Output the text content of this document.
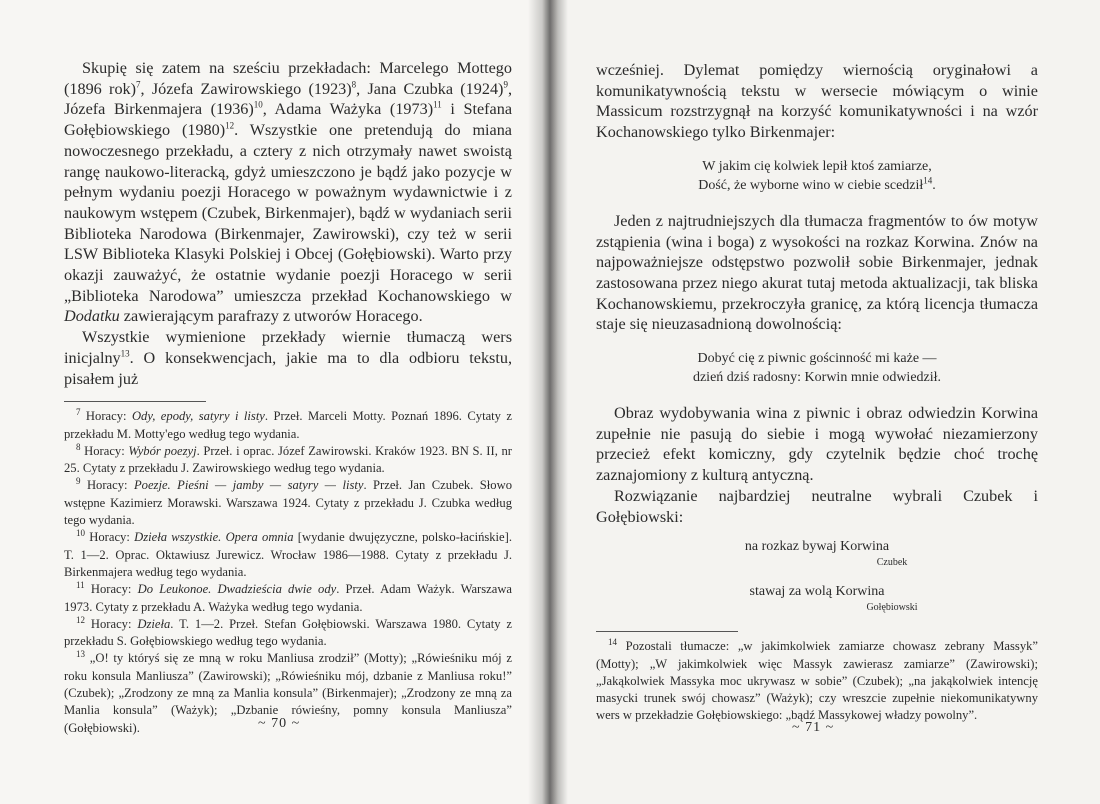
Skupię się zatem na sześciu przekładach: Marcelego Mottego (1896 rok)$^7$, Józefa Zawirowskiego $(1923)^8$, Jana Czubka $(1924)^9$, Józefa Birkenmajera $(1936)^{10}$, Adama Ważyka $(1973)^{11}$ i Stefana Gołębiowskiego $(1980)^{12}$. Wszystkie one pretendują do miana nowoczesnego przekładu, a cztery z nich otrzymały nawet swoistą rangę naukowo-literacką, gdyż umieszczono je bądź jako pozycje w pełnym wydaniu poezji Horacego w poważnym wydawnictwie i z naukowym wstępem (Czubek, Birkenmajer), bądź w wydaniach serii Biblioteka Narodowa (Birkenmajer, Zawirowski), czy też w serii LSW Biblioteka Klasyki Polskiej i Obcej (Gołębiowski). Warto przy okazji zauważyć, że ostatnie wydanie poezji Horacego w serii „Biblioteka Narodowa” umieszcza przekład Kochanowskiego w Dodatku zawierającym parafrazy z utworów Horacego.

Wszystkie wymienione przekłady wiernie tłumaczą wers inicjalny$^{13}$. O konsekwencjach, jakie ma to dla odbioru tekstu, pisałem już

$^7$ Horacy: Ody, epody, satyry i listy. Przeł. Marceli Motty. Poznań 1896. Cytaty z przekładu M. Motty'ego według tego wydania.

$^8$ Horacy: Wybór poezyj. Przeł. i oprac. Józef Zawirowski. Kraków 1923. BN S. II, nr 25. Cytaty z przekładu J. Zawirowskiego według tego wydania.

$^9$ Horacy: Poezje. Pieśni — jamby — satyry — listy. Przeł. Jan Czubek. Słowo wstępne Kazimierz Morawski. Warszawa 1924. Cytaty z przekładu J. Czubka według tego wydania.

$^{10}$ Horacy: Dzieła wszystkie. Opera omnia [wydanie dwujęzyczne, polsko-łacińskie]. T. 1—2. Oprac. Oktawiusz Jurewicz. Wrocław 1986—1988. Cytaty z przekładu J. Birkenmajera według tego wydania.

$^{11}$ Horacy: Do Leukonoe. Dwadzieścia dwie ody. Przeł. Adam Ważyk. Warszawa 1973. Cytaty z przekładu A. Ważyka według tego wydania.

$^{12}$ Horacy: Dzieła. T. 1—2. Przeł. Stefan Gołębiowski. Warszawa 1980. Cytaty z przekładu S. Gołębiowskiego według tego wydania.

$^{13}$ „O! ty któryś się ze mną w roku Manliusa zrodził” (Motty); „Rówieśniku mój z roku konsula Manliusza” (Zawirowski); „Rówieśniku mój, dzbanie z Manliusa roku!” (Czubek); „Zrodzony ze mną za Manlia konsula” (Birkenmajer); „Zrodzony ze mną za Manlia konsula” (Ważyk); „Dzbanie rówieśny, pomny konsula Manliusza” (Gołębiowski).	~ 70 ~

wcześniej. Dylemat pomiędzy wiernością oryginałowi a komunikatywnością tekstu w wersecie mówiącym o winie Massicum rozstrzygnął na korzyść komunikatywności i na wzór Kochanowskiego tylko Birkenmajer:

W jakim cię kolwiek lepił ktoś zamiarze,
Dość, że wyborne wino w ciebie scedził$^{14}$.

Jeden z najtrudniejszych dla tłumacza fragmentów to ów motyw zstąpienia (wina i boga) z wysokości na rozkaz Korwina. Znów na najpoważniejsze odstępstwo pozwolił sobie Birkenmajer, jednak zastosowana przez niego akurat tutaj metoda aktualizacji, tak bliska Kochanowskiemu, przekroczyła granicę, za którą licencja tłumacza staje się nieuzasadnioną dowolnością:

Dobyć cię z piwnic gościnność mi każe —
dzień dziś radosny: Korwin mnie odwiedził.

Obraz wydobywania wina z piwnic i obraz odwiedzin Korwina zupełnie nie pasują do siebie i mogą wywołać niezamierzony przecież efekt komiczny, gdy czytelnik będzie choć trochę zaznajomiony z kulturą antyczną.

Rozwiązanie najbardziej neutralne wybrali Czubek i Gołębiowski:

na rozkaz bywaj Korwina
Czubek
stawaj za wolą Korwina
Gołębiowski

$^{14}$ Pozostali tłumacze: „w jakimkolwiek zamiarze chowasz zebrany Massyk” (Motty); „W jakimkolwiek więc Massyk zawierasz zamiarze” (Zawirowski); „Jakąkolwiek Massyka moc ukrywasz w sobie” (Czubek); „na jakąkolwiek intencję masycki trunek swój chowasz” (Ważyk); czy wreszcie zupełnie niekomunikatywny wers w przekładzie Gołębiowskiego: „bądź Massykowej władzy powolny”.

~ 71 ~
